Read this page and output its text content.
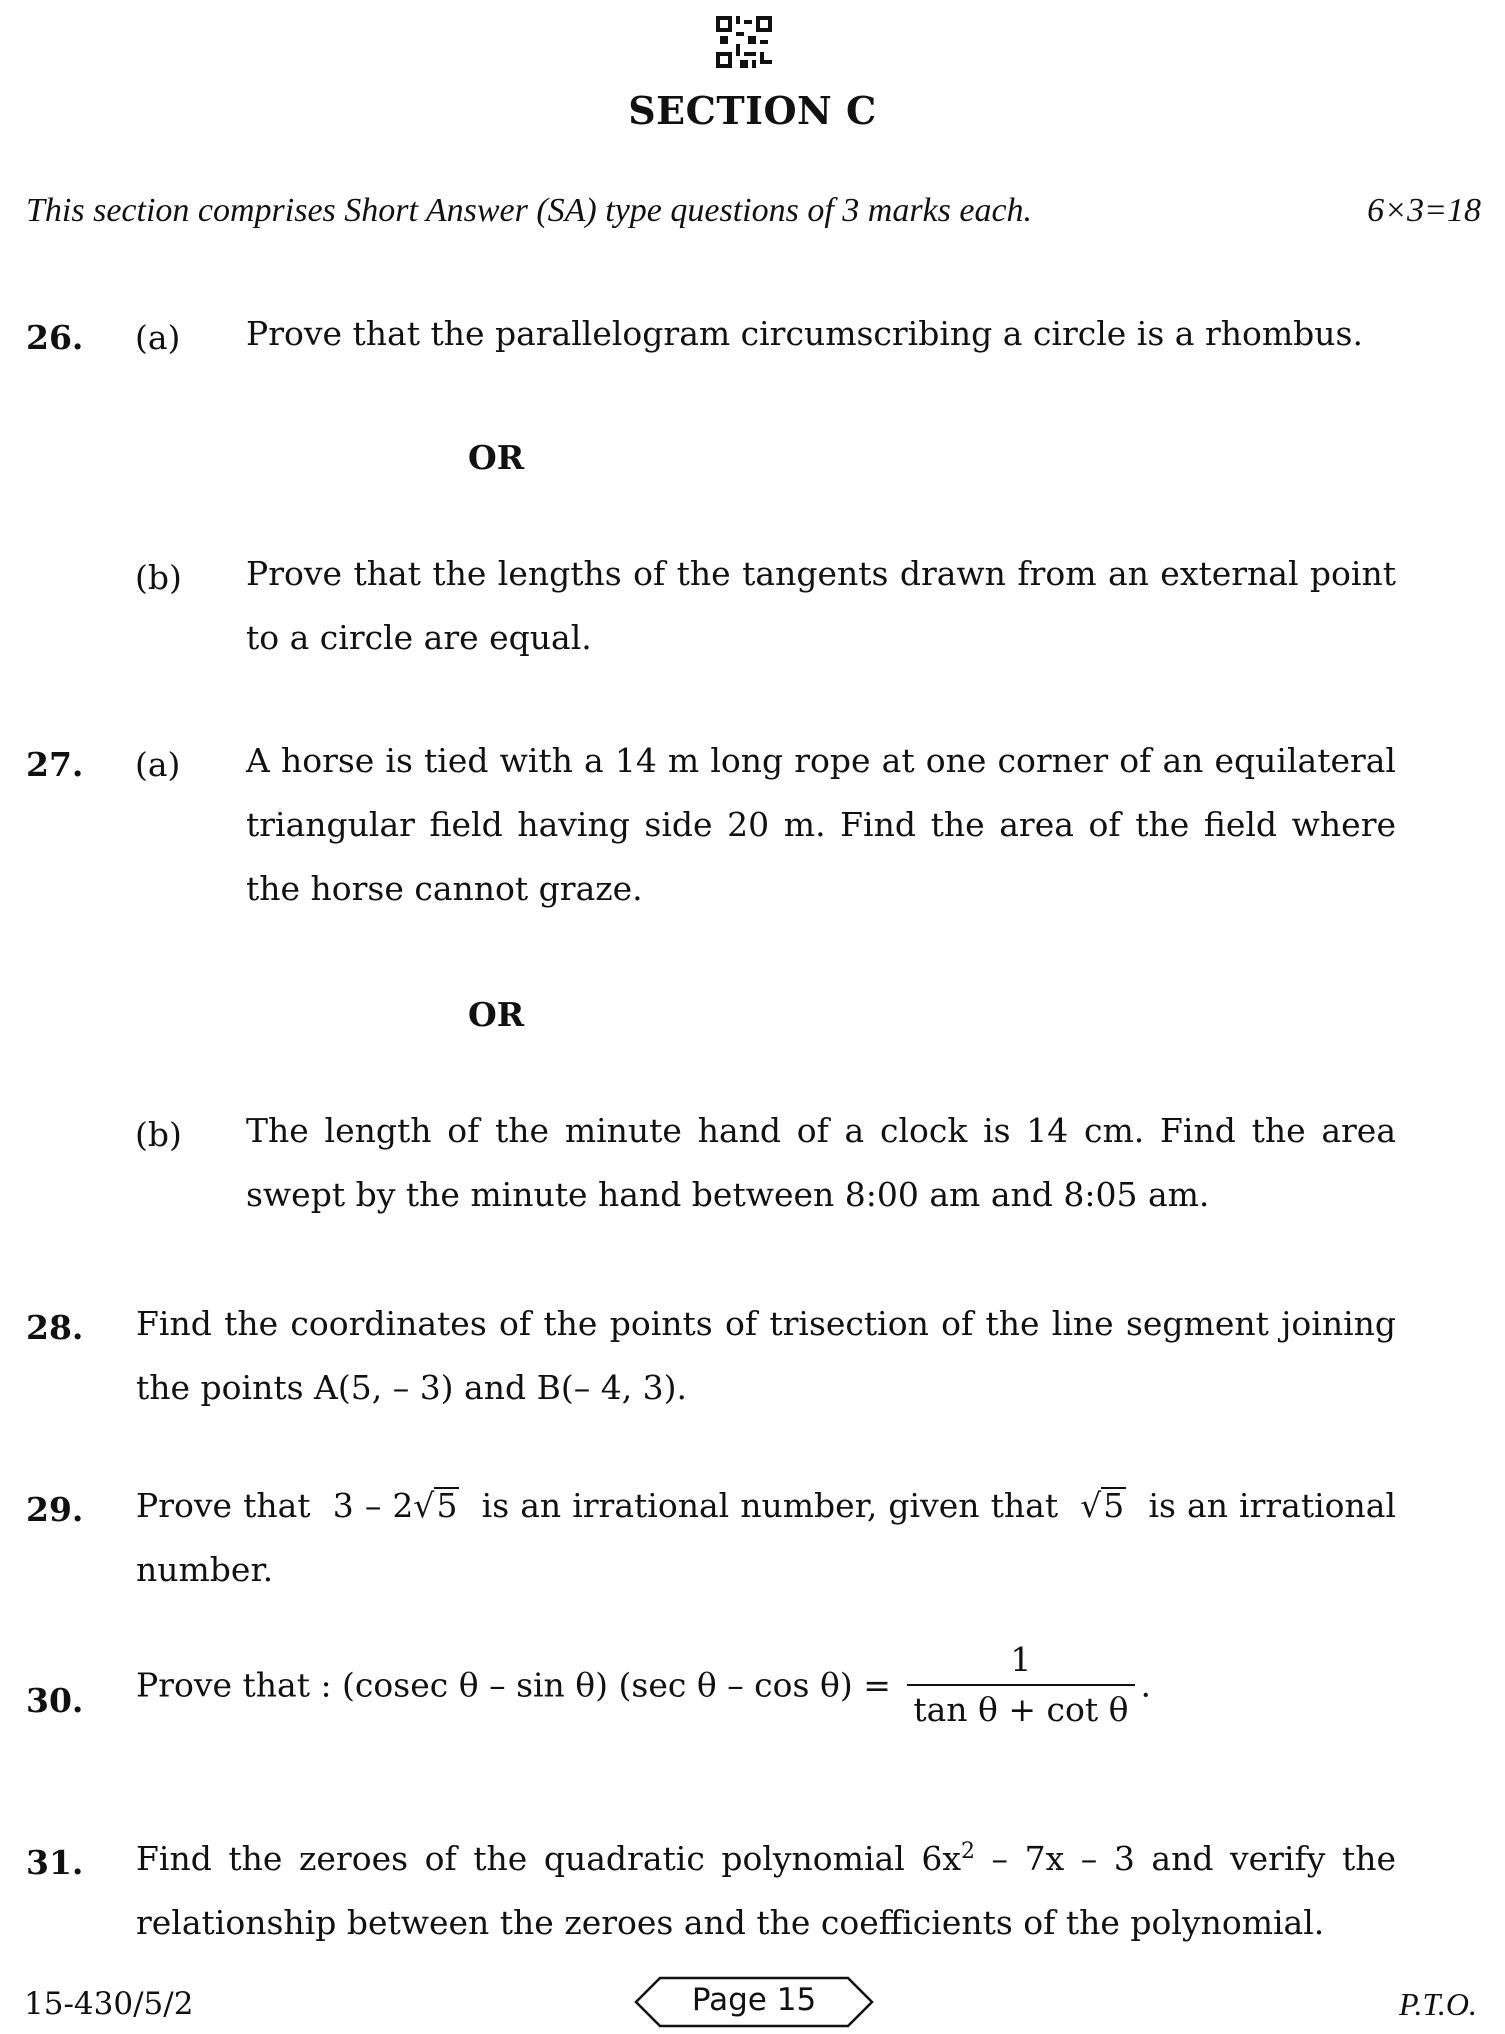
SECTION C
This section comprises Short Answer (SA) type questions of 3 marks each.	6×3=18
26. (a) Prove that the parallelogram circumscribing a circle is a rhombus.
OR
(b) Prove that the lengths of the tangents drawn from an external point to a circle are equal.
27. (a) A horse is tied with a 14 m long rope at one corner of an equilateral triangular field having side 20 m. Find the area of the field where the horse cannot graze.
OR
(b) The length of the minute hand of a clock is 14 cm. Find the area swept by the minute hand between 8:00 am and 8:05 am.
28. Find the coordinates of the points of trisection of the line segment joining the points A(5, – 3) and B(– 4, 3).
29. Prove that 3 – 2√5 is an irrational number, given that  √5 is an irrational number.
30. Prove that : (cosec θ – sin θ) (sec $\theta - \cos \theta) = \frac{1}{\text{tan θ + cot θ}}$ .
31. Find the zeroes of the quadratic polynomial $6x^2 - 7x - 3$ and verify the relationship between the zeroes and the coefficients of the polynomial.
15-430/5/2	Page 15	P.T.O.
